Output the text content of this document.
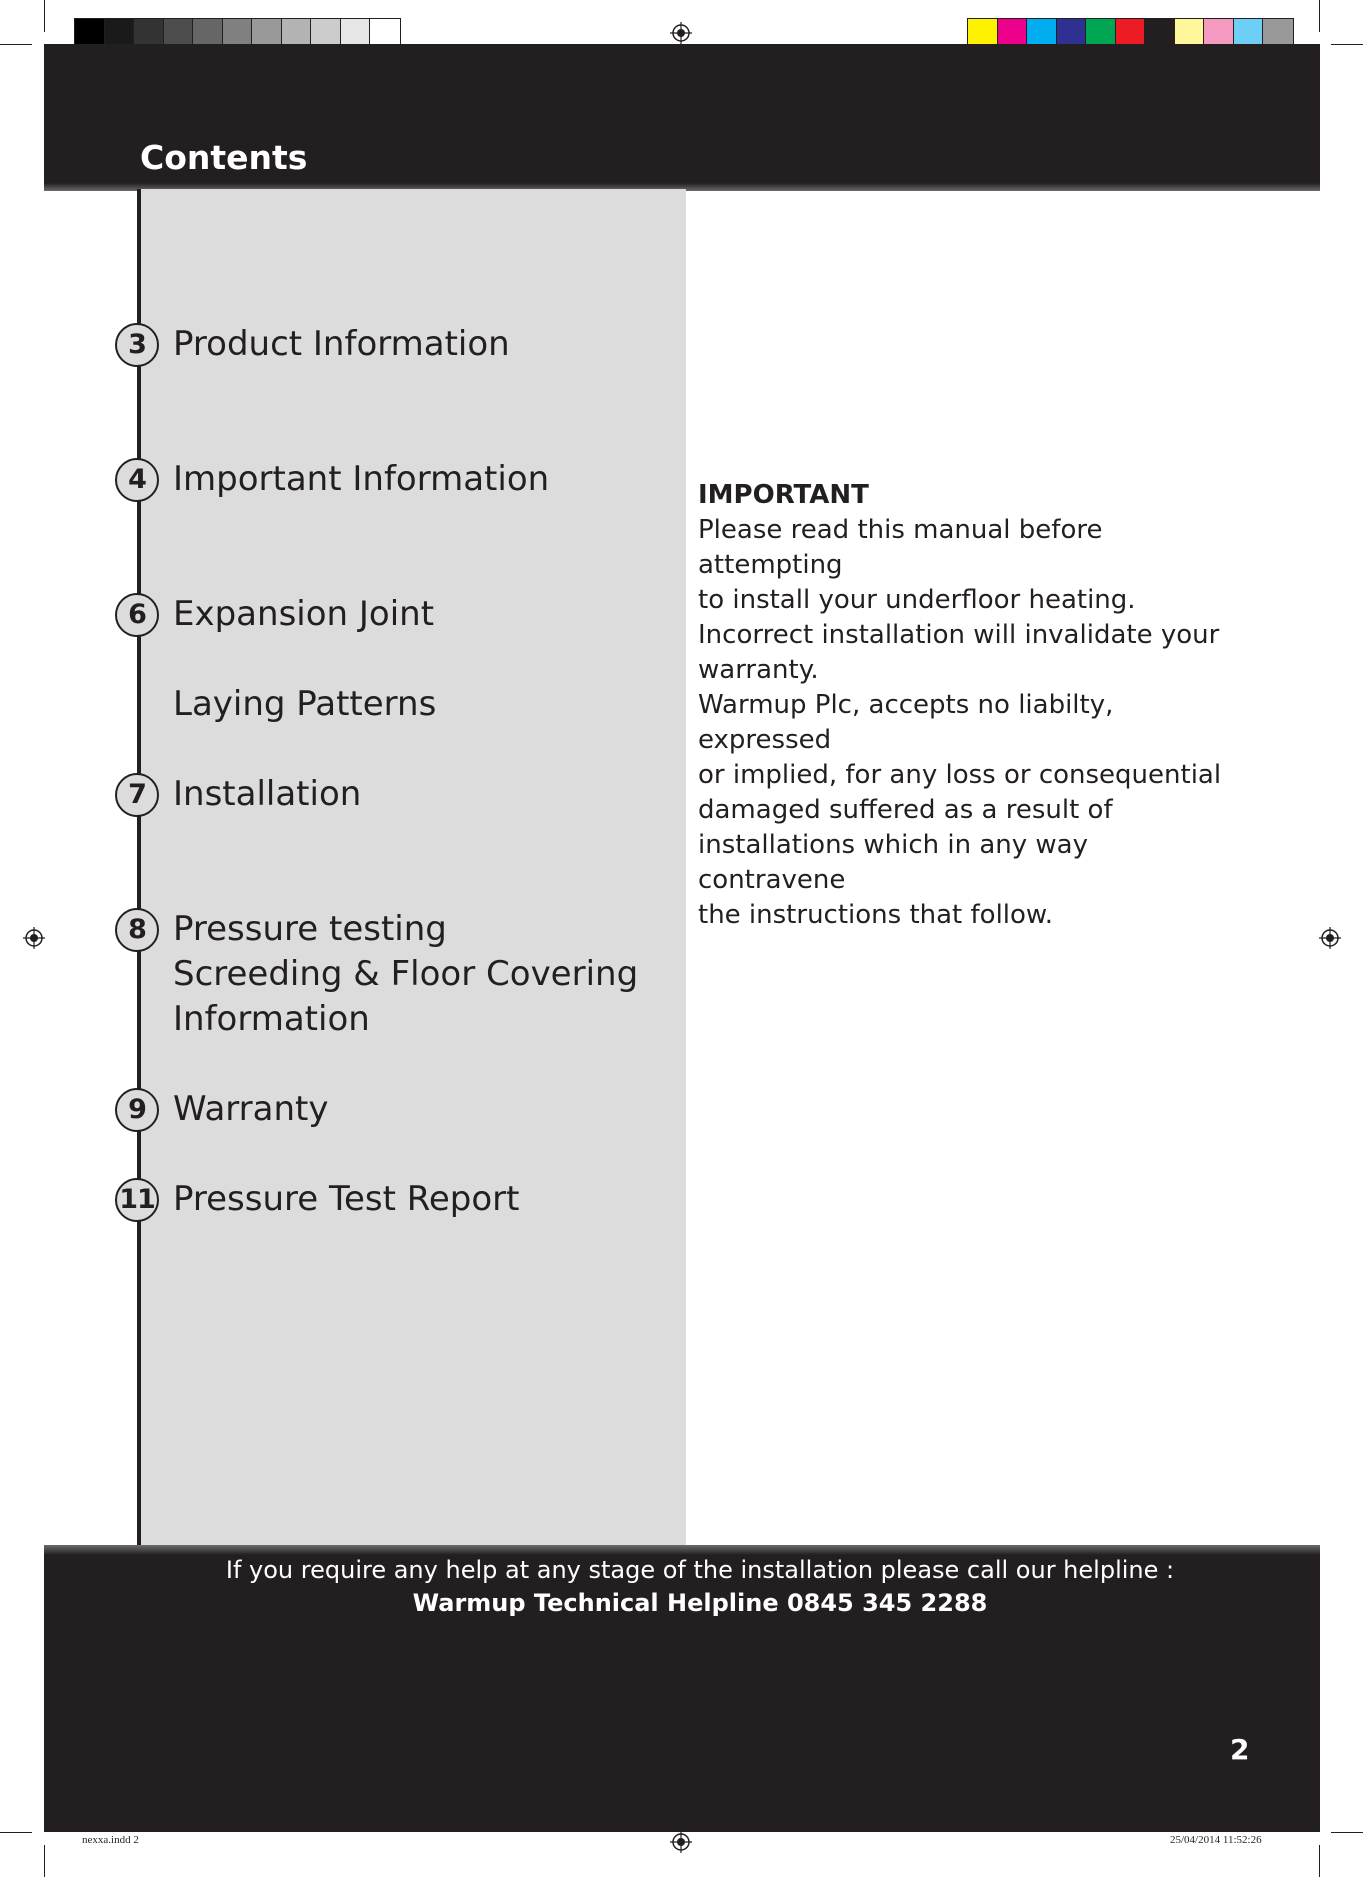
Contents
3 Product Information
4 Important Information
6 Expansion Joint
Laying Patterns
7 Installation
8 Pressure testing
Screeding & Floor Covering
Information
9 Warranty
11 Pressure Test Report
IMPORTANT
Please read this manual before attempting
to install your underfloor heating.
Incorrect installation will invalidate your
warranty.
Warmup Plc, accepts no liabilty, expressed
or implied, for any loss or consequential
damaged suffered as a result of
installations which in any way contravene
the instructions that follow.
If you require any help at any stage of the installation please call our helpline :
Warmup Technical Helpline 0845 345 2288
2
nexxa.indd 2	25/04/2014 11:52:26
